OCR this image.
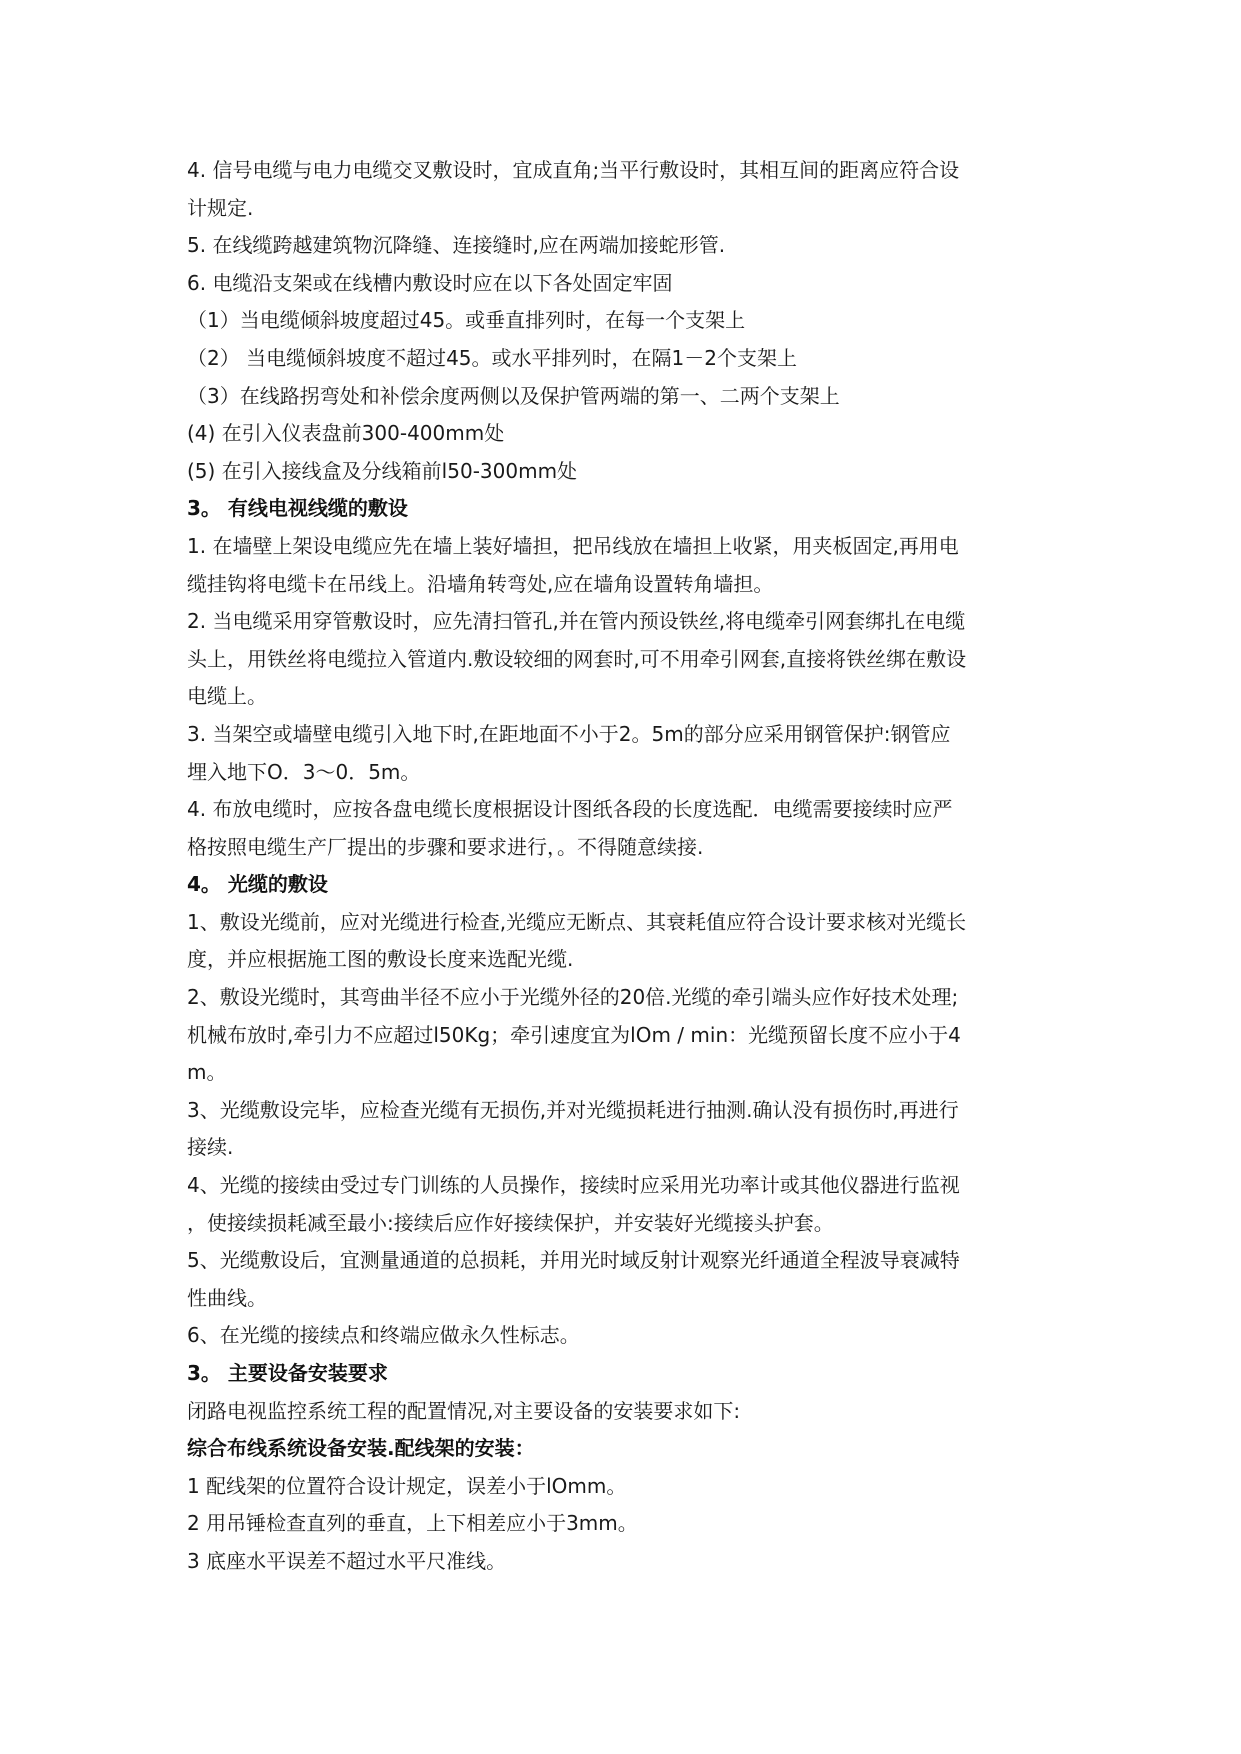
4. 信号电缆与电力电缆交叉敷设时，宜成直角;当平行敷设时，其相互间的距离应符合设
计规定.
5. 在线缆跨越建筑物沉降缝、连接缝时,应在两端加接蛇形管.
6. 电缆沿支架或在线槽内敷设时应在以下各处固定牢固
（1）当电缆倾斜坡度超过45。或垂直排列时，在每一个支架上
（2） 当电缆倾斜坡度不超过45。或水平排列时，在隔1－2个支架上
（3）在线路拐弯处和补偿余度两侧以及保护管两端的第一、二两个支架上
(4) 在引入仪表盘前300-400mm处
(5) 在引入接线盒及分线箱前l50-300mm处
3。 有线电视线缆的敷设
1. 在墙壁上架设电缆应先在墙上装好墙担，把吊线放在墙担上收紧，用夹板固定,再用电
缆挂钩将电缆卡在吊线上。沿墙角转弯处,应在墙角设置转角墙担。
2. 当电缆采用穿管敷设时，应先清扫管孔,并在管内预设铁丝,将电缆牵引网套绑扎在电缆
头上，用铁丝将电缆拉入管道内.敷设较细的网套时,可不用牵引网套,直接将铁丝绑在敷设
电缆上。
3. 当架空或墙壁电缆引入地下时,在距地面不小于2。5m的部分应采用钢管保护:钢管应
埋入地下O．3～0．5m。
4. 布放电缆时，应按各盘电缆长度根据设计图纸各段的长度选配．电缆需要接续时应严
格按照电缆生产厂提出的步骤和要求进行，。不得随意续接.
4。 光缆的敷设
1、敷设光缆前，应对光缆进行检查,光缆应无断点、其衰耗值应符合设计要求核对光缆长
度，并应根据施工图的敷设长度来选配光缆.
2、敷设光缆时，其弯曲半径不应小于光缆外径的20倍.光缆的牵引端头应作好技术处理;
机械布放时,牵引力不应超过l50Kg；牵引速度宜为lOm / min：光缆预留长度不应小于4
m。
3、光缆敷设完毕，应检查光缆有无损伤,并对光缆损耗进行抽测.确认没有损伤时,再进行
接续.
4、光缆的接续由受过专门训练的人员操作，接续时应采用光功率计或其他仪器进行监视
，使接续损耗减至最小:接续后应作好接续保护，并安装好光缆接头护套。
5、光缆敷设后，宜测量通道的总损耗，并用光时域反射计观察光纤通道全程波导衰减特
性曲线。
6、在光缆的接续点和终端应做永久性标志。
3。 主要设备安装要求
闭路电视监控系统工程的配置情况,对主要设备的安装要求如下:
综合布线系统设备安装.配线架的安装：
1 配线架的位置符合设计规定，误差小于lOmm。
2 用吊锤检查直列的垂直，上下相差应小于3mm。
3 底座水平误差不超过水平尺准线。
